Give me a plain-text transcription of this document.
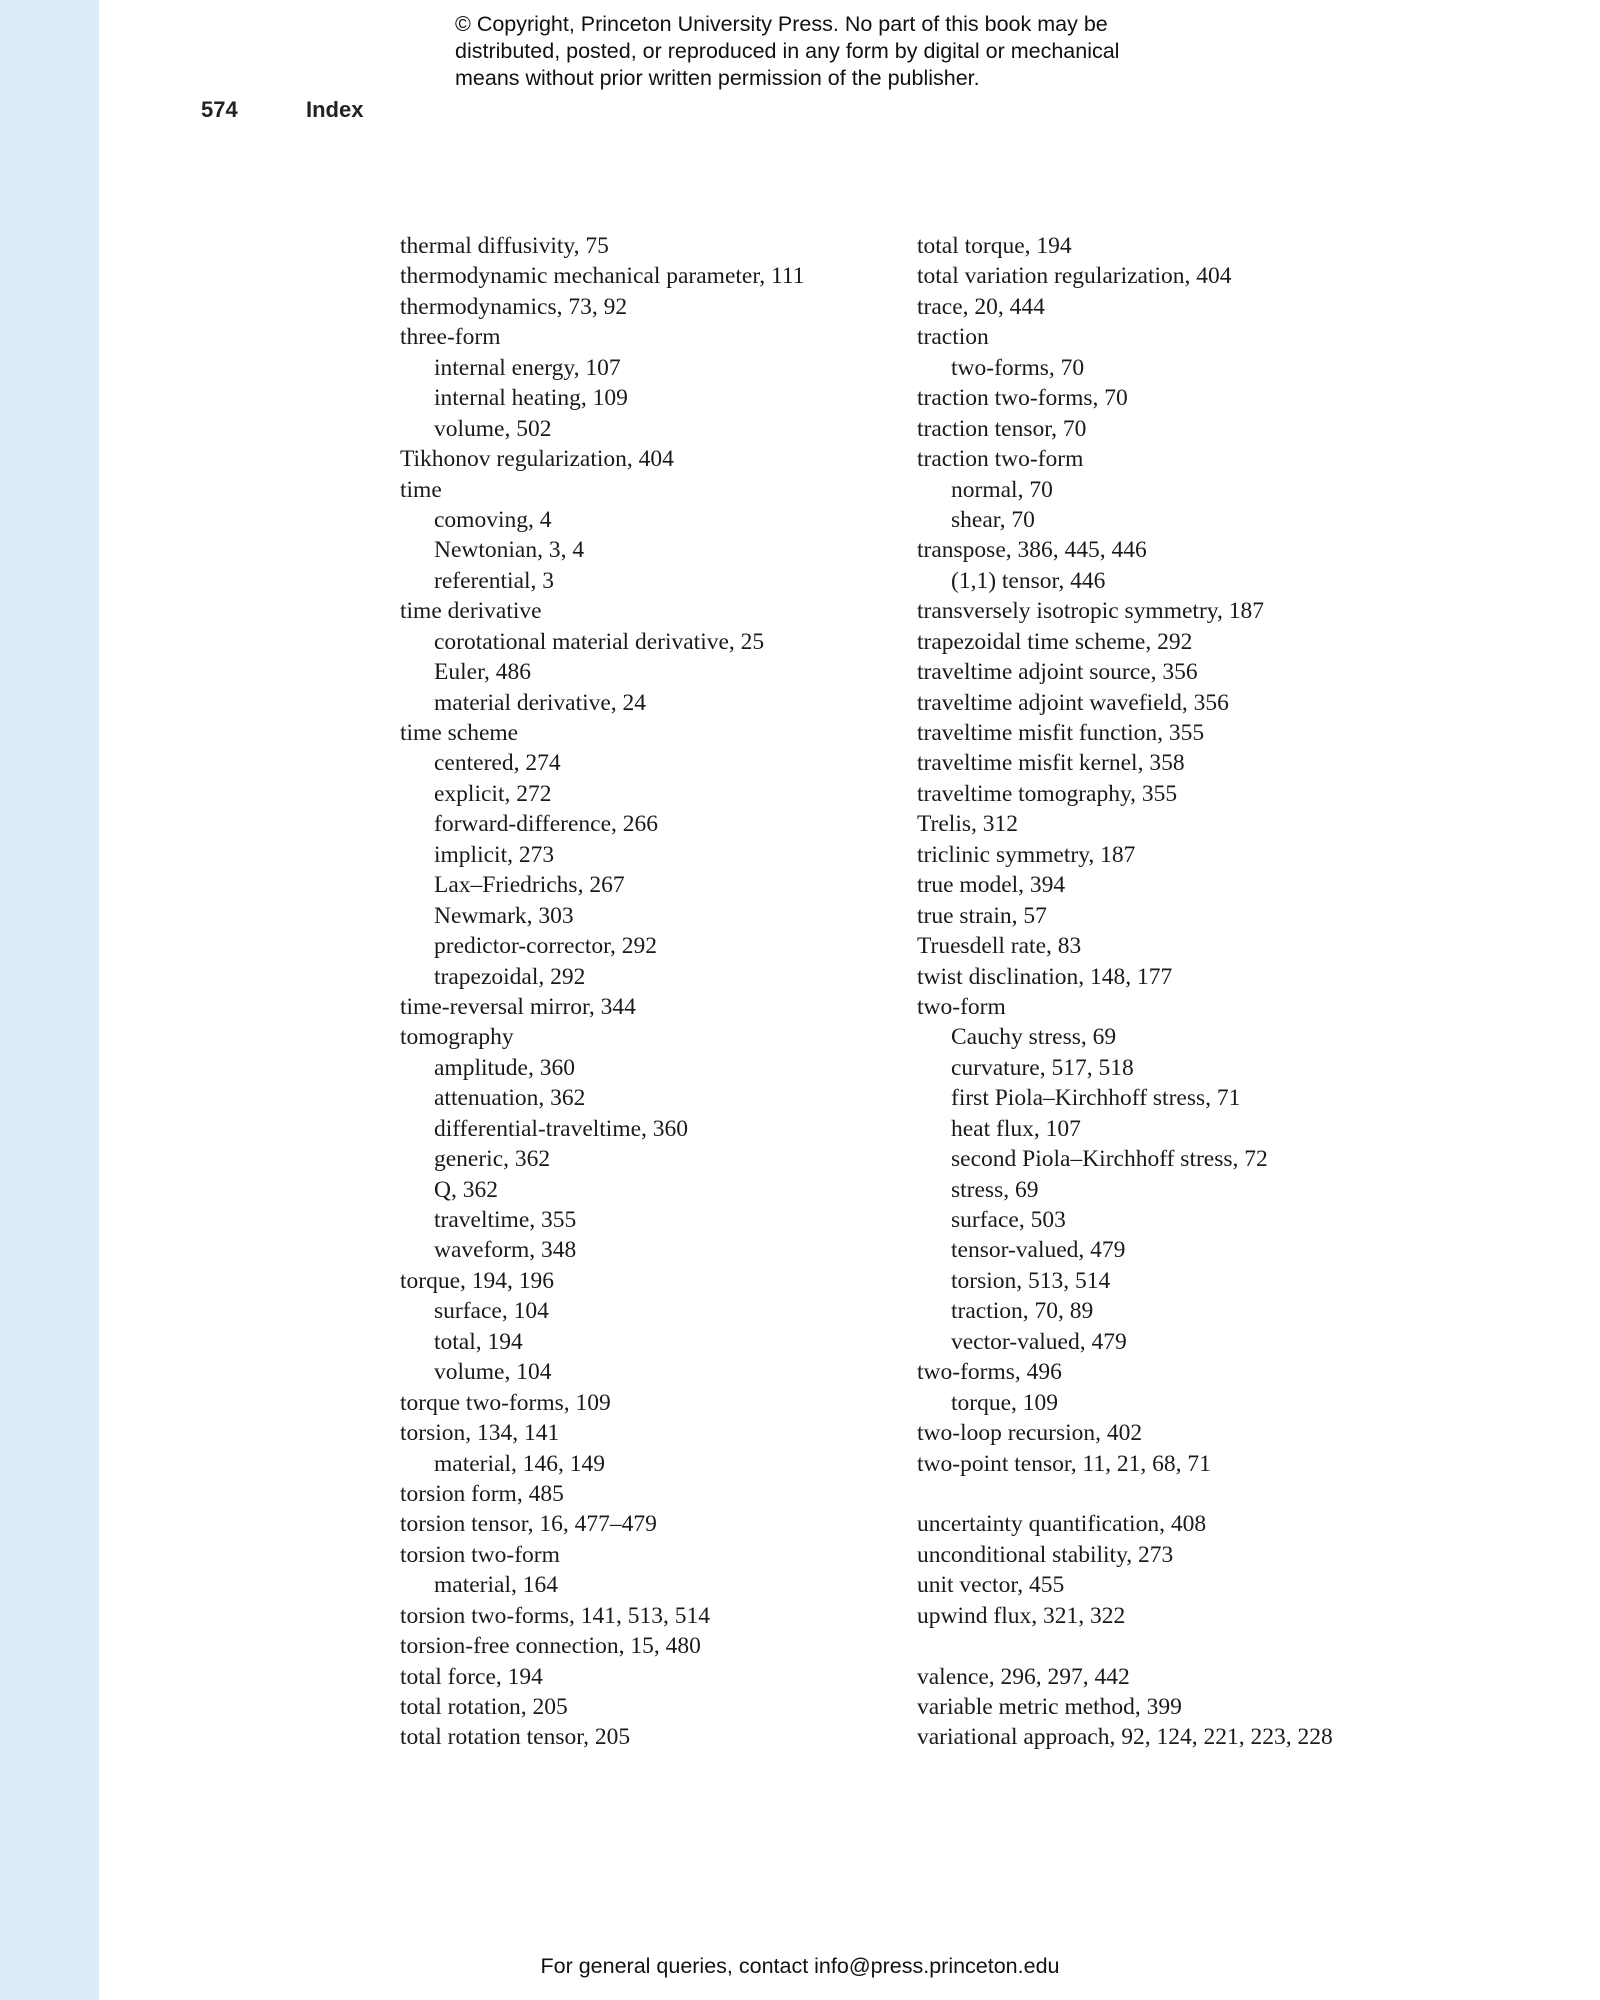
© Copyright, Princeton University Press. No part of this book may be
distributed, posted, or reproduced in any form by digital or mechanical
means without prior written permission of the publisher.
574	Index
thermal diffusivity, 75
thermodynamic mechanical parameter, 111
thermodynamics, 73, 92
three-form
internal energy, 107
internal heating, 109
volume, 502
Tikhonov regularization, 404
time
comoving, 4
Newtonian, 3, 4
referential, 3
time derivative
corotational material derivative, 25
Euler, 486
material derivative, 24
time scheme
centered, 274
explicit, 272
forward-difference, 266
implicit, 273
Lax–Friedrichs, 267
Newmark, 303
predictor-corrector, 292
trapezoidal, 292
time-reversal mirror, 344
tomography
amplitude, 360
attenuation, 362
differential-traveltime, 360
generic, 362
Q, 362
traveltime, 355
waveform, 348
torque, 194, 196
surface, 104
total, 194
volume, 104
torque two-forms, 109
torsion, 134, 141
material, 146, 149
torsion form, 485
torsion tensor, 16, 477–479
torsion two-form
material, 164
torsion two-forms, 141, 513, 514
torsion-free connection, 15, 480
total force, 194
total rotation, 205
total rotation tensor, 205
total torque, 194
total variation regularization, 404
trace, 20, 444
traction
two-forms, 70
traction two-forms, 70
traction tensor, 70
traction two-form
normal, 70
shear, 70
transpose, 386, 445, 446
(1,1) tensor, 446
transversely isotropic symmetry, 187
trapezoidal time scheme, 292
traveltime adjoint source, 356
traveltime adjoint wavefield, 356
traveltime misfit function, 355
traveltime misfit kernel, 358
traveltime tomography, 355
Trelis, 312
triclinic symmetry, 187
true model, 394
true strain, 57
Truesdell rate, 83
twist disclination, 148, 177
two-form
Cauchy stress, 69
curvature, 517, 518
first Piola–Kirchhoff stress, 71
heat flux, 107
second Piola–Kirchhoff stress, 72
stress, 69
surface, 503
tensor-valued, 479
torsion, 513, 514
traction, 70, 89
vector-valued, 479
two-forms, 496
torque, 109
two-loop recursion, 402
two-point tensor, 11, 21, 68, 71
uncertainty quantification, 408
unconditional stability, 273
unit vector, 455
upwind flux, 321, 322
valence, 296, 297, 442
variable metric method, 399
variational approach, 92, 124, 221, 223, 228
For general queries, contact info@press.princeton.edu
